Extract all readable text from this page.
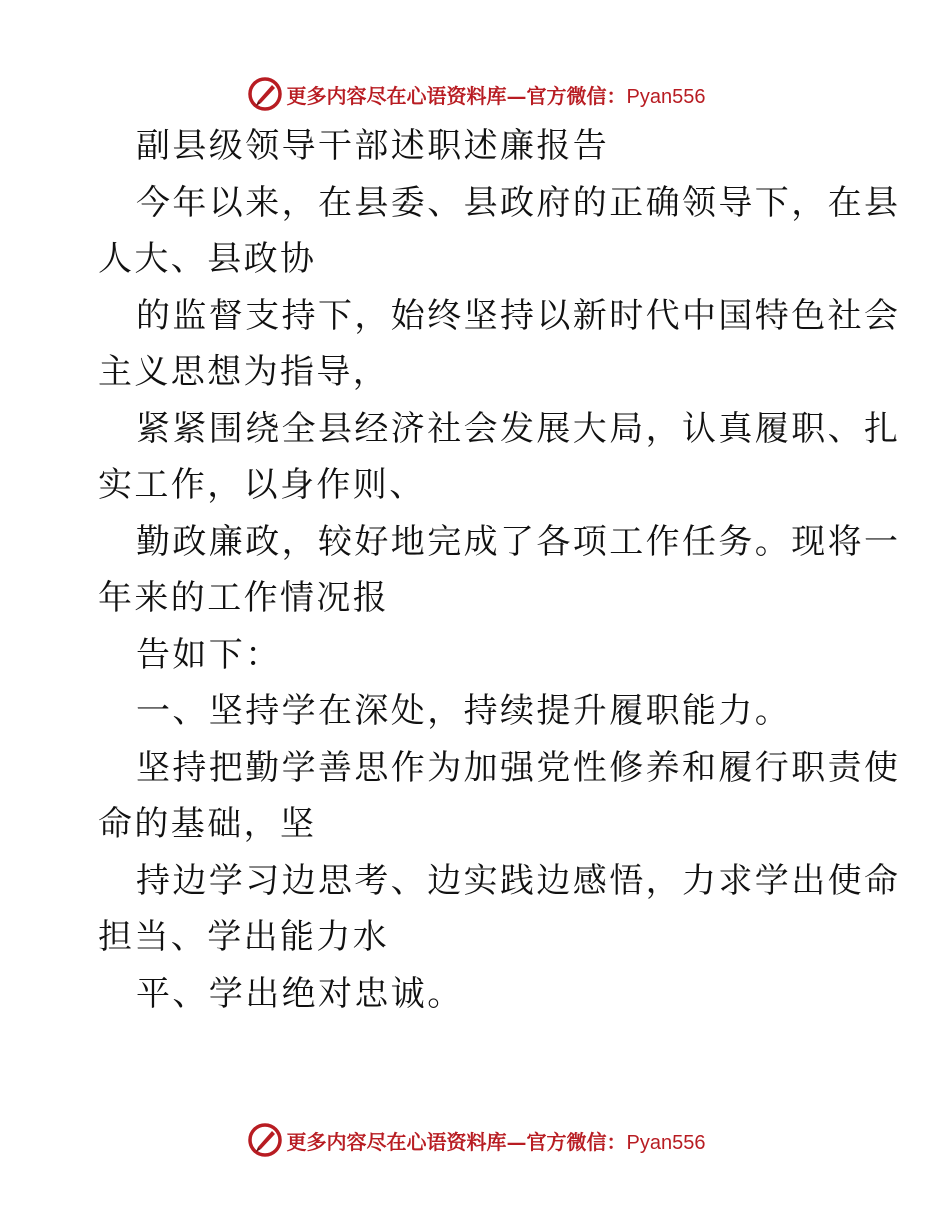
更多内容尽在心语资料库—官方微信：Pyan556
副县级领导干部述职述廉报告
今年以来，在县委、县政府的正确领导下，在县
人大、县政协
的监督支持下，始终坚持以新时代中国特色社会
主义思想为指导，
紧紧围绕全县经济社会发展大局，认真履职、扎
实工作，以身作则、
勤政廉政，较好地完成了各项工作任务。现将一
年来的工作情况报
告如下：
一、坚持学在深处，持续提升履职能力。
坚持把勤学善思作为加强党性修养和履行职责使
命的基础，坚
持边学习边思考、边实践边感悟，力求学出使命
担当、学出能力水
平、学出绝对忠诚。
更多内容尽在心语资料库—官方微信：Pyan556
